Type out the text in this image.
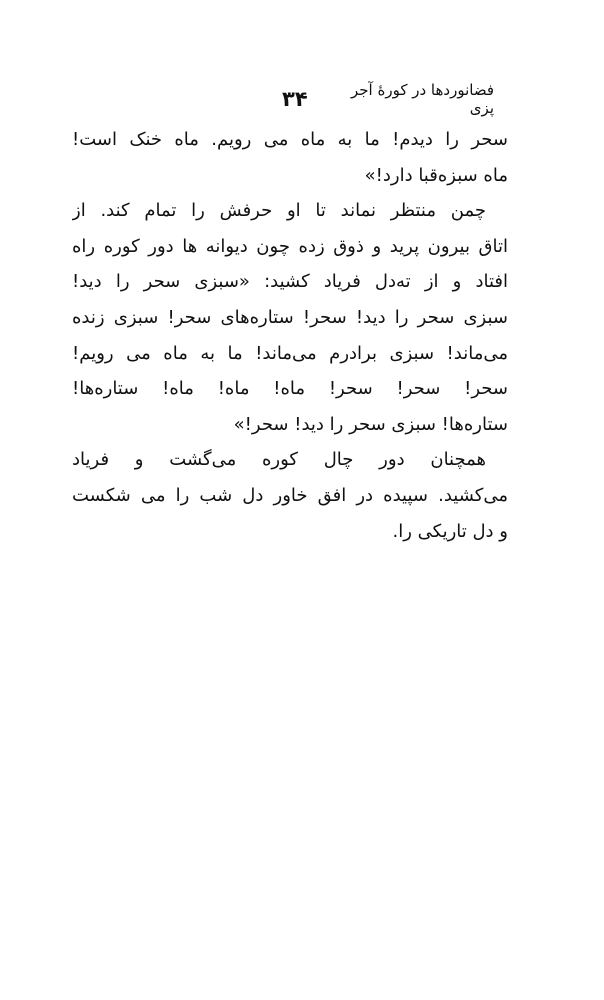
۳۴	فضانوردها در کورۀ آجر پزی
سحر را دیدم! ما به ماه می رویم. ماه خنک است!
ماه سبزه‌قبا دارد!»
چمن منتظر نماند تا او حرفش را تمام کند. از
اتاق بیرون پرید و ذوق زده چون دیوانه ها دور کوره راه
افتاد و از ته‌دل فریاد کشید: «سبزی سحر را دید!
سبزی سحر را دید! سحر! ستاره‌های سحر! سبزی زنده
می‌ماند! سبزی برادرم می‌ماند! ما به ماه می رویم!
سحر! سحر! سحر! ماه! ماه! ماه! ستاره‌ها!
ستاره‌ها! سبزی سحر را دید! سحر!»
همچنان دور چال کوره می‌گشت و فریاد
می‌کشید. سپیده در افق خاور دل شب را می شکست
و دل تاریکی را.
